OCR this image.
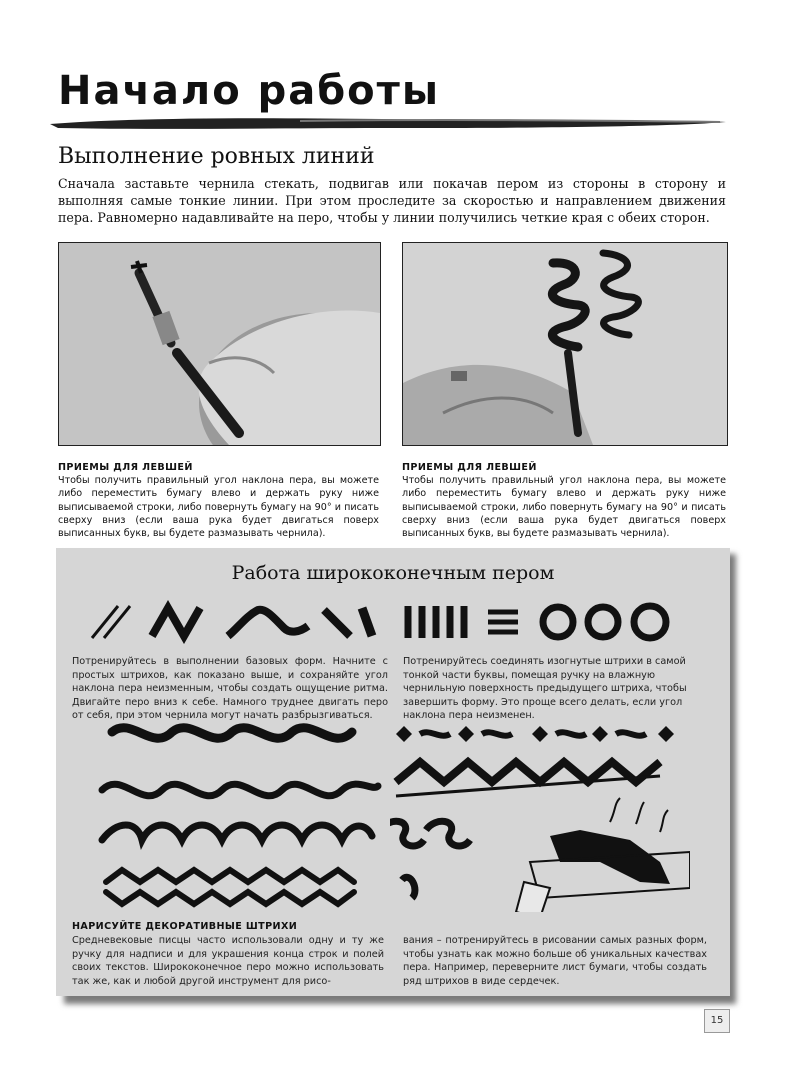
Начало работы
Выполнение ровных линий
Сначала заставьте чернила стекать, подвигав или покачав пером из стороны в сторону и выполняя самые тонкие линии. При этом проследите за скоростью и направлением движения пера. Равномерно надавливайте на перо, чтобы у линии получились четкие края с обеих сторон.
ПРИЕМЫ ДЛЯ ЛЕВШЕЙ
Чтобы получить правильный угол наклона пера, вы можете либо переместить бумагу влево и держать руку ниже выписываемой строки, либо повернуть бумагу на 90° и писать сверху вниз (если ваша рука будет двигаться поверх выписанных букв, вы будете размазывать чернила).
ПРИЕМЫ ДЛЯ ЛЕВШЕЙ
Чтобы получить правильный угол наклона пера, вы можете либо переместить бумагу влево и держать руку ниже выписываемой строки, либо повернуть бумагу на 90° и писать сверху вниз (если ваша рука будет двигаться поверх выписанных букв, вы будете размазывать чернила).
Работа ширококонечным пером
Потренируйтесь в выполнении базовых форм. Начните с простых штрихов, как показано выше, и сохраняйте угол наклона пера неизменным, чтобы создать ощущение ритма. Двигайте перо вниз к себе. Намного труднее двигать перо от себя, при этом чернила могут начать разбрызгиваться.
Потренируйтесь соединять изогнутые штрихи в самой тонкой части буквы, помещая ручку на влажную чернильную поверхность предыдущего штриха, чтобы завершить форму. Это проще всего делать, если угол наклона пера неизменен.
НАРИСУЙТЕ ДЕКОРАТИВНЫЕ ШТРИХИ
Средневековые писцы часто использовали одну и ту же ручку для надписи и для украшения конца строк и полей своих текстов. Ширококонечное перо можно использовать так же, как и любой другой инструмент для рисо-
вания – потренируйтесь в рисовании самых разных форм, чтобы узнать как можно больше об уникальных качествах пера. Например, переверните лист бумаги, чтобы создать ряд штрихов в виде сердечек.
15
